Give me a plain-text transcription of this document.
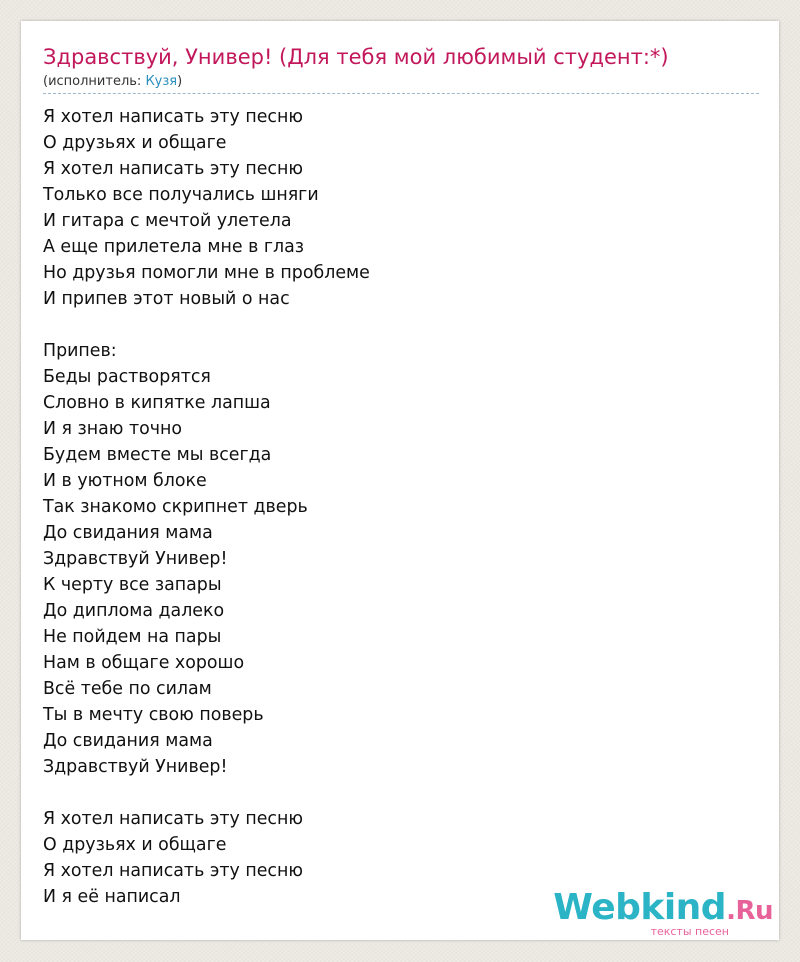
Здравствуй, Универ! (Для тебя мой любимый студент:*)
(исполнитель: Кузя)
Я хотел написать эту песню
О друзьях и общаге
Я хотел написать эту песню
Только все получались шняги
И гитара с мечтой улетела
А еще прилетела мне в глаз
Но друзья помогли мне в проблеме
И припев этот новый о нас
Припев:
Беды растворятся
Словно в кипятке лапша
И я знаю точно
Будем вместе мы всегда
И в уютном блоке
Так знакомо скрипнет дверь
До свидания мама
Здравствуй Универ!
К черту все запары
До диплома далеко
Не пойдем на пары
Нам в общаге хорошо
Всё тебе по силам
Ты в мечту свою поверь
До свидания мама
Здравствуй Универ!
Я хотел написать эту песню
О друзьях и общаге
Я хотел написать эту песню
И я её написал	Webkind.Ru
тексты песен
